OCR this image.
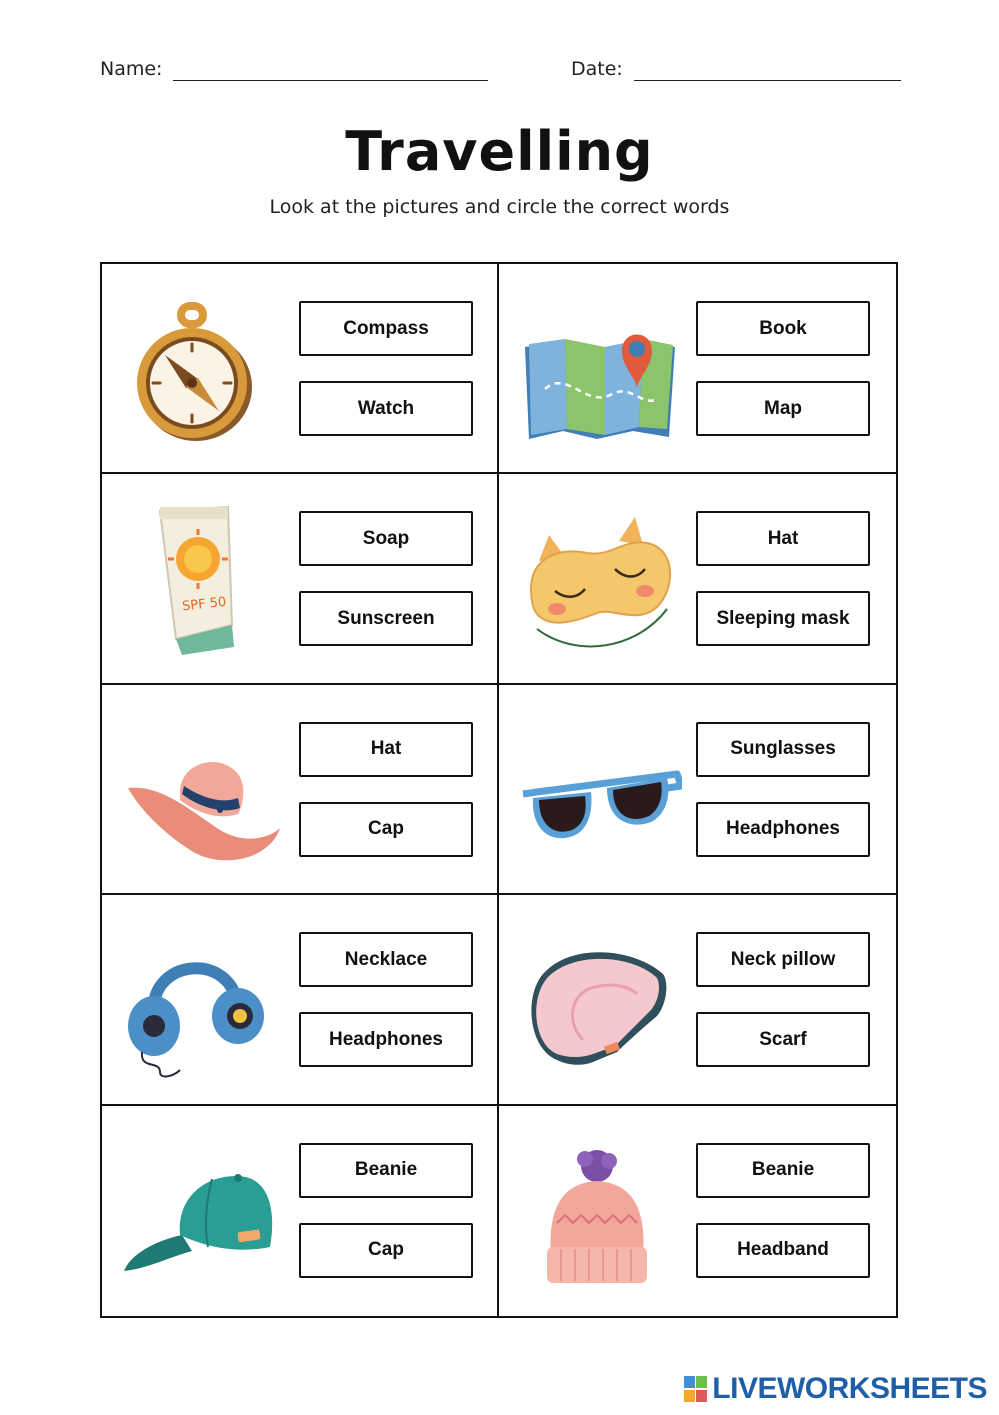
Name:	Date:
Travelling
Look at the pictures and circle the correct words
Compass
Watch
Book
Map
SPF 50
Soap
Sunscreen
Hat
Sleeping mask
Hat
Cap
Sunglasses
Headphones
Necklace
Headphones
Neck pillow
Scarf
Beanie
Cap
Beanie
Headband
LIVEWORKSHEETS
